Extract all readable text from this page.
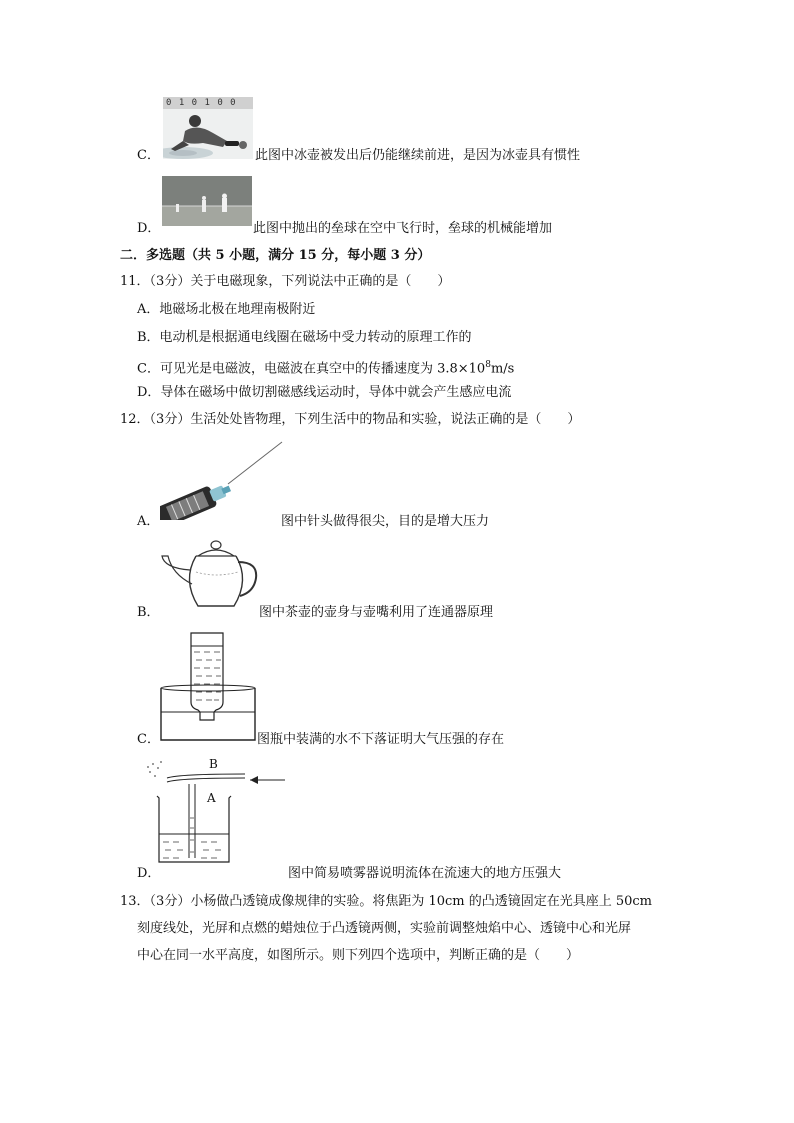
0 1 0 1 0 0
C．	此图中冰壶被发出后仍能继续前进，是因为冰壶具有惯性
D．	此图中抛出的垒球在空中飞行时，垒球的机械能增加
二．多选题（共 5 小题，满分 15 分，每小题 3 分）
11．（3分）关于电磁现象，下列说法中正确的是（　　）
A．地磁场北极在地理南极附近
B．电动机是根据通电线圈在磁场中受力转动的原理工作的
C．可见光是电磁波，电磁波在真空中的传播速度为 $3.8\times 10^8m/s$
D．导体在磁场中做切割磁感线运动时，导体中就会产生感应电流
12．（3分）生活处处皆物理，下列生活中的物品和实验，说法正确的是（　　）
A．	图中针头做得很尖，目的是增大压力
B．	图中茶壶的壶身与壶嘴利用了连通器原理
C．	图瓶中装满的水不下落证明大气压强的存在
B
A
D．	图中简易喷雾器说明流体在流速大的地方压强大
13．（3分）小杨做凸透镜成像规律的实验。将焦距为 10cm 的凸透镜固定在光具座上 50cm
刻度线处，光屏和点燃的蜡烛位于凸透镜两侧，实验前调整烛焰中心、透镜中心和光屏
中心在同一水平高度，如图所示。则下列四个选项中，判断正确的是（　　）
